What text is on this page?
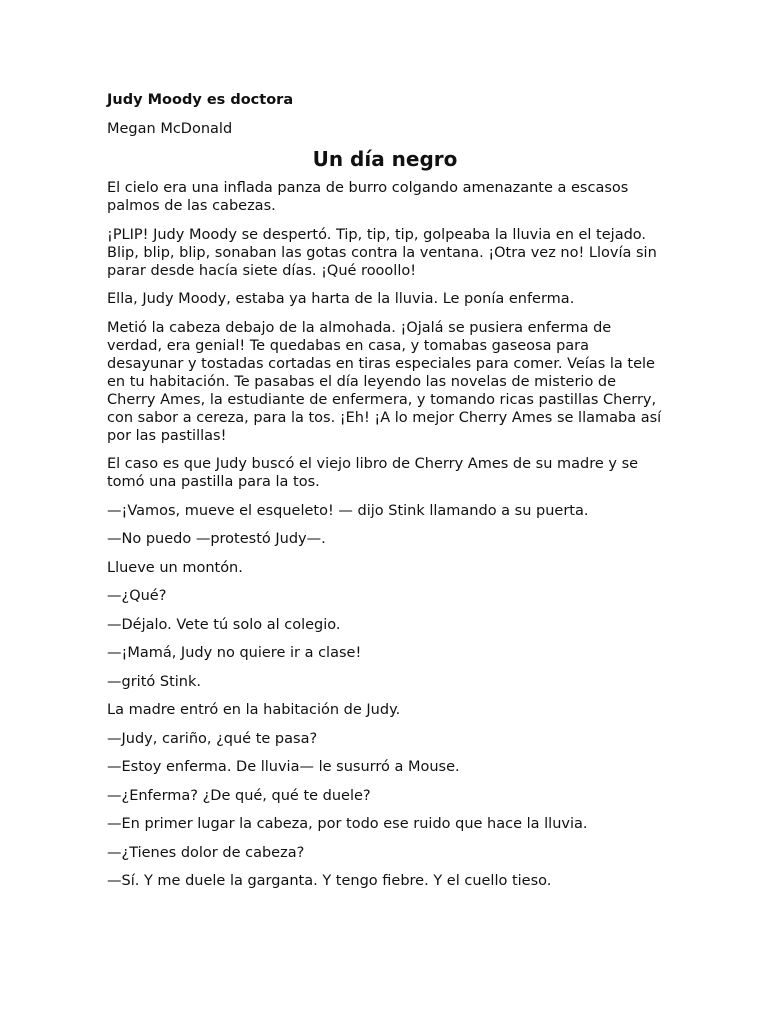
Judy Moody es doctora
Megan McDonald
Un día negro

El cielo era una inflada panza de burro colgando amenazante a escasos palmos de las cabezas.

¡PLIP! Judy Moody se despertó. Tip, tip, tip, golpeaba la lluvia en el tejado. Blip, blip, blip, sonaban las gotas contra la ventana. ¡Otra vez no! Llovía sin parar desde hacía siete días. ¡Qué rooollo!

Ella, Judy Moody, estaba ya harta de la lluvia. Le ponía enferma.

Metió la cabeza debajo de la almohada. ¡Ojalá se pusiera enferma de verdad, era genial! Te quedabas en casa, y tomabas gaseosa para desayunar y tostadas cortadas en tiras especiales para comer. Veías la tele en tu habitación. Te pasabas el día leyendo las novelas de misterio de Cherry Ames, la estudiante de enfermera, y tomando ricas pastillas Cherry, con sabor a cereza, para la tos. ¡Eh! ¡A lo mejor Cherry Ames se llamaba así por las pastillas!

El caso es que Judy buscó el viejo libro de Cherry Ames de su madre y se tomó una pastilla para la tos.

—¡Vamos, mueve el esqueleto! — dijo Stink llamando a su puerta.

—No puedo —protestó Judy—.

Llueve un montón.

—¿Qué?

—Déjalo. Vete tú solo al colegio.

—¡Mamá, Judy no quiere ir a clase!

—gritó Stink.

La madre entró en la habitación de Judy.

—Judy, cariño, ¿qué te pasa?

—Estoy enferma. De lluvia— le susurró a Mouse.

—¿Enferma? ¿De qué, qué te duele?

—En primer lugar la cabeza, por todo ese ruido que hace la lluvia.

—¿Tienes dolor de cabeza?

—Sí. Y me duele la garganta. Y tengo fiebre. Y el cuello tieso.
